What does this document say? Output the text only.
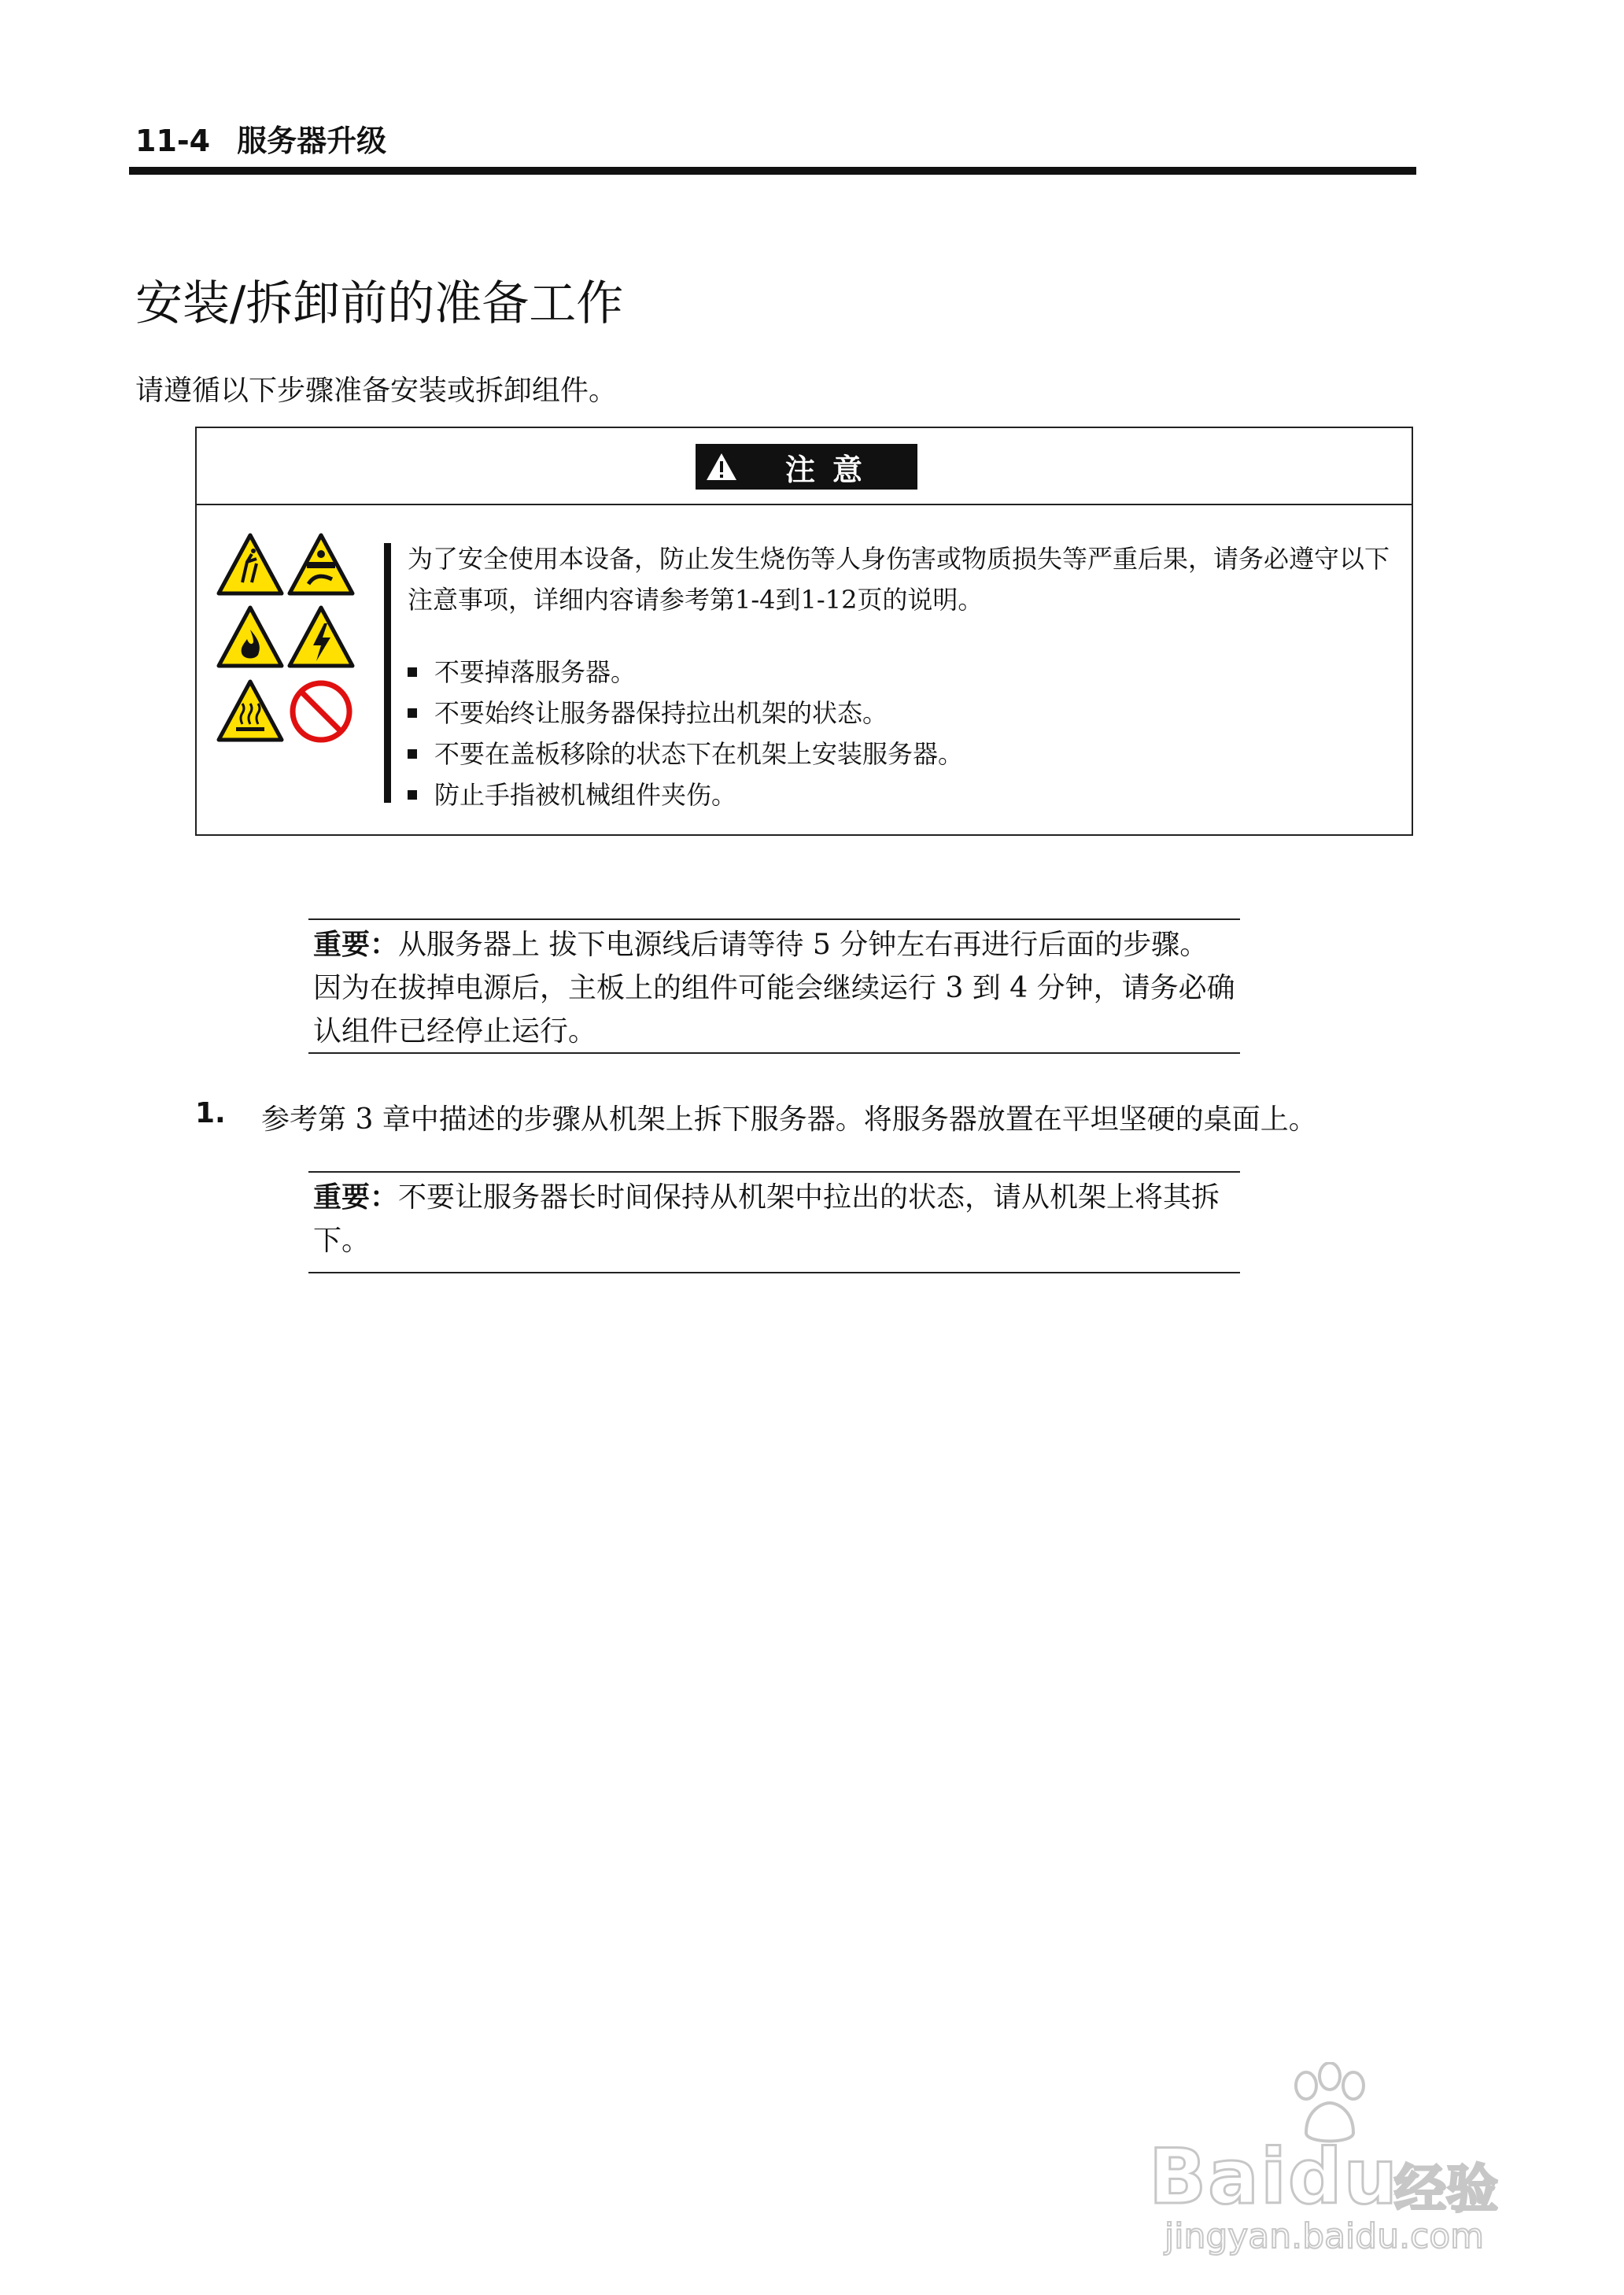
11-4 服务器升级
安装/拆卸前的准备工作
请遵循以下步骤准备安装或拆卸组件。
注意
为了安全使用本设备，防止发生烧伤等人身伤害或物质损失等严重后果，请务必遵守以下注意事项，详细内容请参考第1-4到1-12页的说明。
不要掉落服务器。
不要始终让服务器保持拉出机架的状态。
不要在盖板移除的状态下在机架上安装服务器。
防止手指被机械组件夹伤。
重要：从服务器上 拔下电源线后请等待 5 分钟左右再进行后面的步骤。因为在拔掉电源后，主板上的组件可能会继续运行 3 到 4 分钟，请务必确认组件已经停止运行。
1.	参考第 3 章中描述的步骤从机架上拆下服务器。将服务器放置在平坦坚硬的桌面上。
重要：不要让服务器长时间保持从机架中拉出的状态，请从机架上将其拆下。
Baidu
经验
jingyan.baidu.com
